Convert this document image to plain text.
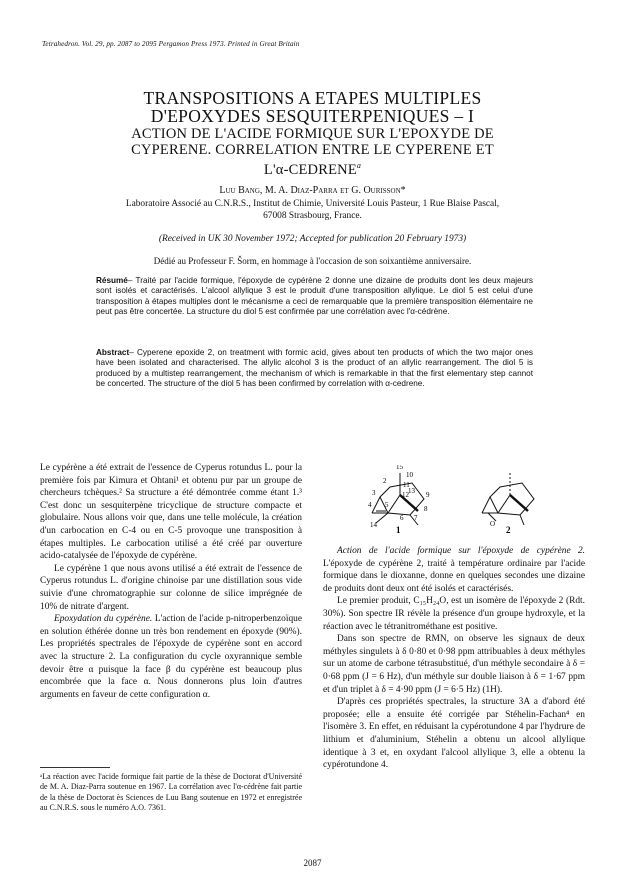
Tetrahedron. Vol. 29, pp. 2087 to 2095 Pergamon Press 1973. Printed in Great Britain
TRANSPOSITIONS A ETAPES MULTIPLES
D'EPOXYDES SESQUITERPENIQUES – I
ACTION DE L'ACIDE FORMIQUE SUR L'EPOXYDE DE
CYPERENE. CORRELATION ENTRE LE CYPERENE ET
L'α-CEDRENE$^a$
Luu Bang, M. A. Diaz-Parra et G. Ourisson*
Laboratoire Associé au C.N.R.S., Institut de Chimie, Université Louis Pasteur, 1 Rue Blaise Pascal,
67008 Strasbourg, France.
(Received in UK 30 November 1972; Accepted for publication 20 February 1973)
Dédié au Professeur F. Šorm, en hommage à l'occasion de son soixantième anniversaire.
Résumé– Traité par l'acide formique, l'époxyde de cypérène 2 donne une dizaine de produits dont les deux majeurs sont isolés et caractérisés. L'alcool allylique 3 est le produit d'une transposition allylique. Le diol 5 est celui d'une transposition à étapes multiples dont le mécanisme a ceci de remarquable que la première transposition élémentaire ne peut pas être concertée. La structure du diol 5 est confirmée par une corrélation avec l'α-cédrène.
Abstract– Cyperene epoxide 2, on treatment with formic acid, gives about ten products of which the two major ones have been isolated and characterised. The allylic alcohol 3 is the product of an allylic rearrangement. The diol 5 is produced by a multistep rearrangement, the mechanism of which is remarkable in that the first elementary step cannot be concerted. The structure of the diol 5 has been confirmed by correlation with α-cedrene.

Le cypérène a été extrait de l'essence de Cyperus rotundus L. pour la première fois par Kimura et Ohtani¹ et obtenu pur par un groupe de chercheurs tchèques.² Sa structure a été démontrée comme étant 1.³ C'est donc un sesquiterpène tricyclique de structure compacte et globulaire. Nous allons voir que, dans une telle molécule, la création d'un carbocation en C-4 ou en C-5 provoque une transposition à étapes multiples. Le carbocation utilisé a été créé par ouverture acido-catalysée de l'époxyde de cypérène.

Le cypérène 1 que nous avons utilisé a été extrait de l'essence de Cyperus rotundus L. d'origine chinoise par une distillation sous vide suivie d'une chromatographie sur colonne de silice imprégnée de 10% de nitrate d'argent.

Epoxydation du cypérène. L'action de l'acide p-nitroperbenzoïque en solution éthérée donne un très bon rendement en époxyde (90%). Les propriétés spectrales de l'époxyde de cypérène sont en accord avec la structure 2. La configuration du cycle oxyrannique semble devoir être α puisque la face β du cypérène est beaucoup plus encombrée que la face α. Nous donnerons plus loin d'autres arguments en faveur de cette configuration α.

ᵃLa réaction avec l'acide formique fait partie de la thèse de Doctorat d'Université de M. A. Diaz-Parra soutenue en 1967. La corrélation avec l'α-cédrène fait partie de la thèse de Doctorat ès Sciences de Luu Bang soutenue en 1972 et enregistrée au C.N.R.S. sous le numéro A.O. 7361.
15
10
2 11
3	12 13
4
9
5	8
14
6 7
1
O
2

Action de l'acide formique sur l'époxyde de cypérène 2. L'époxyde de cypérène 2, traité à température ordinaire par l'acide formique dans le dioxanne, donne en quelques secondes une dizaine de produits dont deux ont été isolés et caractérisés.

Le premier produit, C₁₅H₂₄O, est un isomère de l'époxyde 2 (Rdt. 30%). Son spectre IR révèle la présence d'un groupe hydroxyle, et la réaction avec le tétranitrométhane est positive.

Dans son spectre de RMN, on observe les signaux de deux méthyles singulets à δ 0·80 et 0·98 ppm attribuables à deux méthyles sur un atome de carbone tétrasubstitué, d'un méthyle secondaire à δ = 0·68 ppm (J = 6 Hz), d'un méthyle sur double liaison à δ = 1·67 ppm et d'un triplet à δ = 4·90 ppm (J = 6·5 Hz) (1H).

D'après ces propriétés spectrales, la structure 3A a d'abord été proposée; elle a ensuite été corrigée par Stéhelin-Fachan⁴ en l'isomère 3. En effet, en réduisant la cypérotundone 4 par l'hydrure de lithium et d'aluminium, Stéhelin a obtenu un alcool allylique identique à 3 et, en oxydant l'alcool allylique 3, elle a obtenu la cypérotundone 4.

2087
